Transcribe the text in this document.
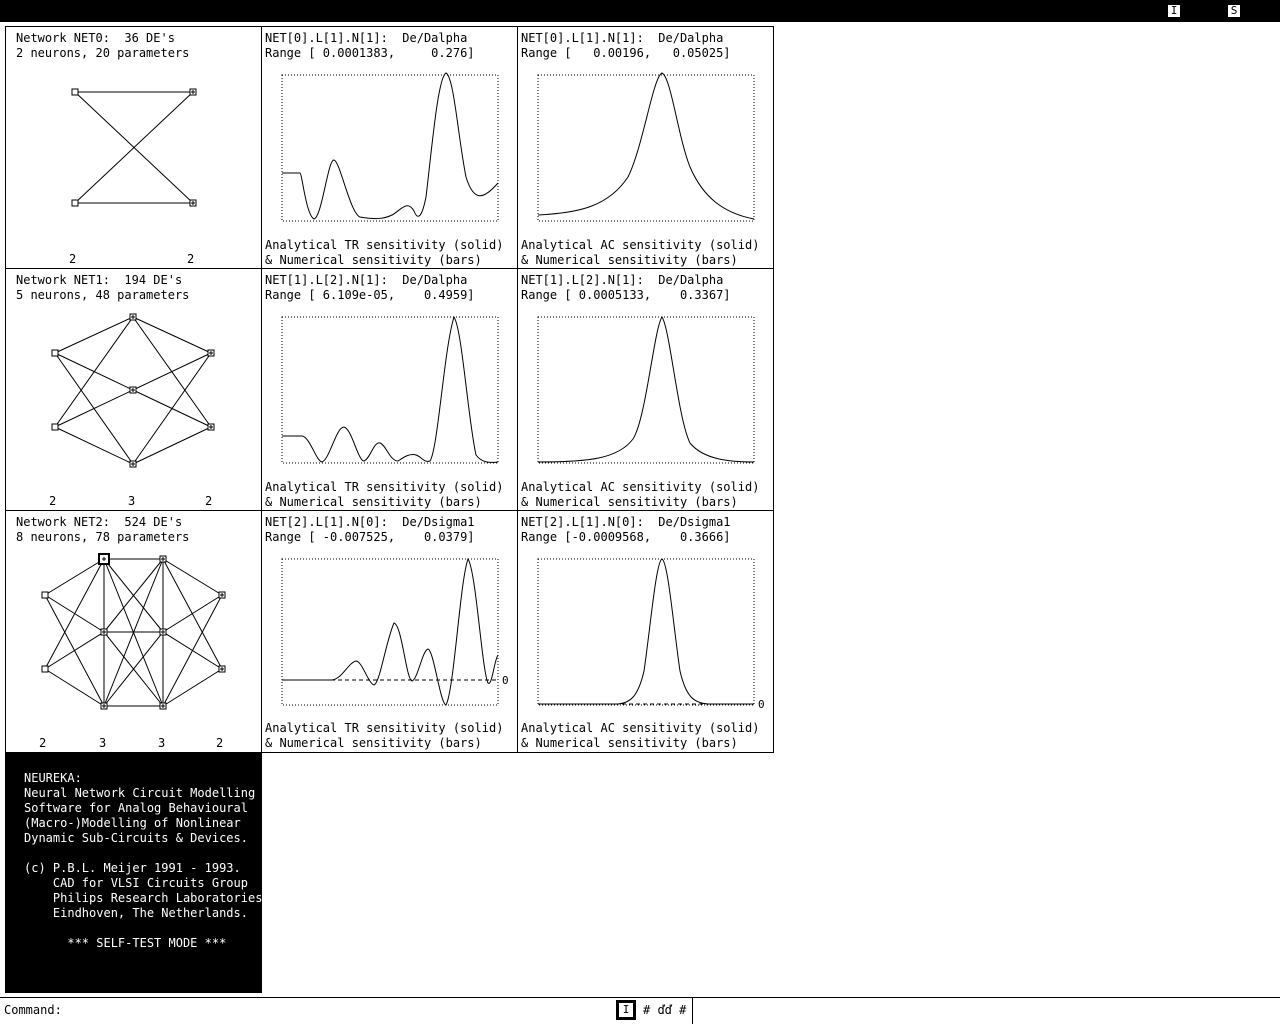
I	S
Network NET0:  36 DE's
2 neurons, 20 parameters
2	2
NET[0].L[1].N[1]:  De/Dalpha
Range [ 0.0001383,     0.276]
Analytical TR sensitivity (solid)
& Numerical sensitivity (bars)
NET[0].L[1].N[1]:  De/Dalpha
Range [   0.00196,   0.05025]
Analytical AC sensitivity (solid)
& Numerical sensitivity (bars)
Network NET1:  194 DE's
5 neurons, 48 parameters
2	3	2
NET[1].L[2].N[1]:  De/Dalpha
Range [ 6.109e-05,    0.4959]
Analytical TR sensitivity (solid)
& Numerical sensitivity (bars)
NET[1].L[2].N[1]:  De/Dalpha
Range [ 0.0005133,    0.3367]
Analytical AC sensitivity (solid)
& Numerical sensitivity (bars)
Network NET2:  524 DE's
8 neurons, 78 parameters
2	3	3	2
NET[2].L[1].N[0]:  De/Dsigma1
Range [ -0.007525,    0.0379]
0
Analytical TR sensitivity (solid)
& Numerical sensitivity (bars)
NET[2].L[1].N[0]:  De/Dsigma1
Range [-0.0009568,    0.3666]
0
Analytical AC sensitivity (solid)
& Numerical sensitivity (bars)
NEUREKA:
Neural Network Circuit Modelling
Software for Analog Behavioural
(Macro-)Modelling of Nonlinear
Dynamic Sub-Circuits & Devices.
(c) P.B.L. Meijer 1991 - 1993.
CAD for VLSI Circuits Group
Philips Research Laboratories
Eindhoven, The Netherlands.
*** SELF-TEST MODE ***
Command:	I	# ďď #
